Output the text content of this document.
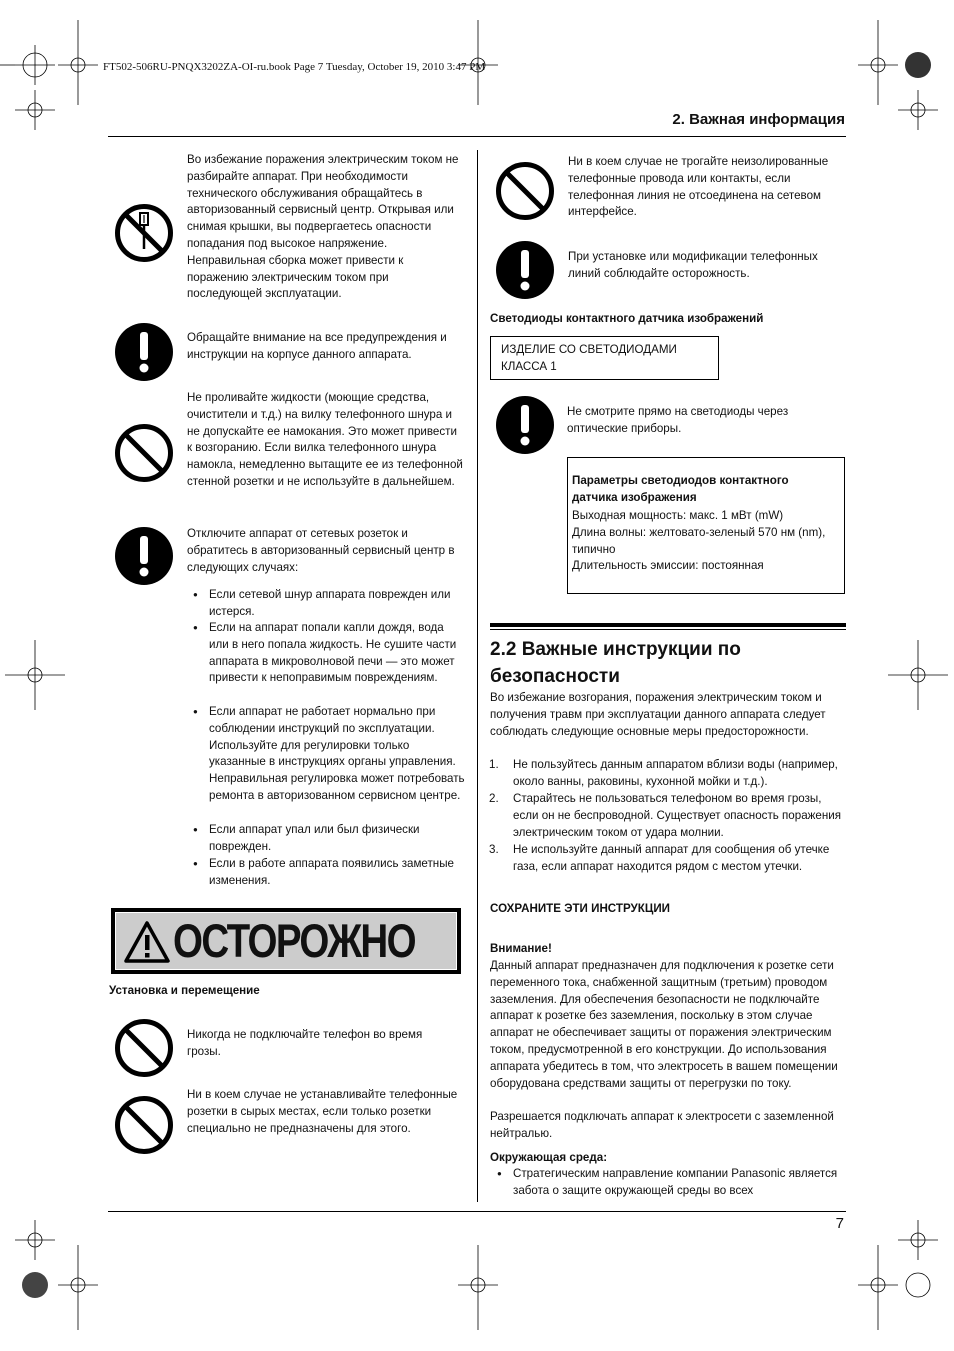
FT502-506RU-PNQX3202ZA-OI-ru.book Page 7 Tuesday, October 19, 2010 3:47 PM
2. Важная информация
Во избежание поражения электрическим током не разбирайте аппарат. При необходимости технического обслуживания обращайтесь в авторизованный сервисный центр. Открывая или снимая крышки, вы подвергаетесь опасности попадания под высокое напряжение. Неправильная сборка может привести к поражению электрическим током при последующей эксплуатации.
Обращайте внимание на все предупреждения и инструкции на корпусе данного аппарата.
Не проливайте жидкости (моющие средства, очистители и т.д.) на вилку телефонного шнура и не допускайте ее намокания. Это может привести к возгоранию. Если вилка телефонного шнура намокла, немедленно вытащите ее из телефонной стенной розетки и не используйте в дальнейшем.
Отключите аппарат от сетевых розеток и обратитесь в авторизованный сервисный центр в следующих случаях:
● Если сетевой шнур аппарата поврежден или истерся.
● Если на аппарат попали капли дождя, вода или в него попала жидкость. Не сушите части аппарата в микроволновой печи — это может привести к непоправимым повреждениям.
● Если аппарат не работает нормально при соблюдении инструкций по эксплуатации. Используйте для регулировки только указанные в инструкциях органы управления. Неправильная регулировка может потребовать ремонта в авторизованном сервисном центре.
● Если аппарат упал или был физически поврежден.
● Если в работе аппарата появились заметные изменения.
ОСТОРОЖНО
Установка и перемещение
Никогда не подключайте телефон во время грозы.
Ни в коем случае не устанавливайте телефонные розетки в сырых местах, если только розетки специально не предназначены для этого.
Ни в коем случае не трогайте неизолированные телефонные провода или контакты, если телефонная линия не отсоединена на сетевом интерфейсе.
При установке или модификации телефонных линий соблюдайте осторожность.
Светодиоды контактного датчика изображений
ИЗДЕЛИЕ СО СВЕТОДИОДАМИ КЛАССА 1
Не смотрите прямо на светодиоды через оптические приборы.
Параметры светодиодов контактного датчика изображения
Выходная мощность: макс. 1 мВт (mW)
Длина волны: желтовато-зеленый 570 нм (nm), типично
Длительность эмиссии: постоянная
2.2 Важные инструкции по безопасности
Во избежание возгорания, поражения электрическим током и получения травм при эксплуатации данного аппарата следует соблюдать следующие основные меры предосторожности.
1. Не пользуйтесь данным аппаратом вблизи воды (например, около ванны, раковины, кухонной мойки и т.д.).
2. Старайтесь не пользоваться телефоном во время грозы, если он не беспроводной. Существует опасность поражения электрическим током от удара молнии.
3. Не используйте данный аппарат для сообщения об утечке газа, если аппарат находится рядом с местом утечки.
СОХРАНИТЕ ЭТИ ИНСТРУКЦИИ
Внимание!
Данный аппарат предназначен для подключения к розетке сети переменного тока, снабженной защитным (третьим) проводом заземления. Для обеспечения безопасности не подключайте аппарат к розетке без заземления, поскольку в этом случае аппарат не обеспечивает защиты от поражения электрическим током, предусмотренной в его конструкции. До использования аппарата убедитесь в том, что электросеть в вашем помещении оборудована средствами защиты от перегрузки по току.
Разрешается подключать аппарат к электросети с заземленной нейтралью.
Окружающая среда:
● Стратегическим направление компании Panasonic является забота о защите окружающей среды во всех
7
